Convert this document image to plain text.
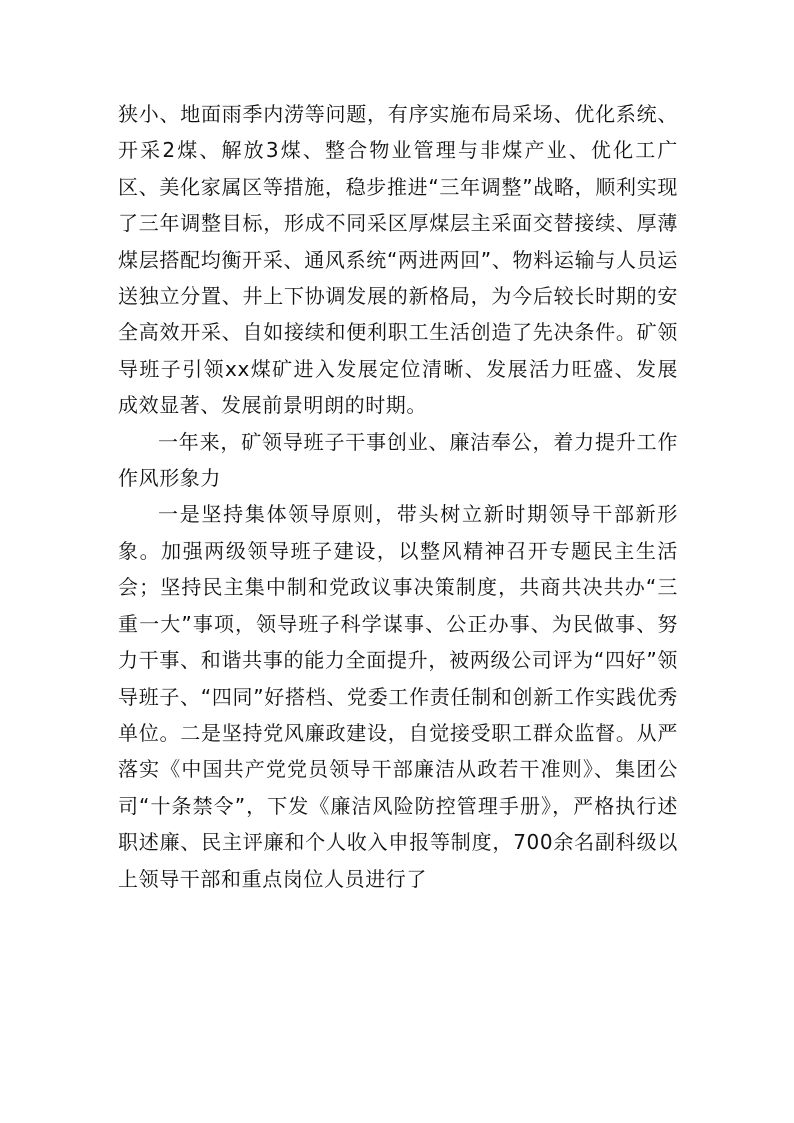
狭小、地面雨季内涝等问题，有序实施布局采场、优化系统、开采2煤、解放3煤、整合物业管理与非煤产业、优化工广区、美化家属区等措施，稳步推进“三年调整”战略，顺利实现了三年调整目标，形成不同采区厚煤层主采面交替接续、厚薄煤层搭配均衡开采、通风系统“两进两回”、物料运输与人员运送独立分置、井上下协调发展的新格局，为今后较长时期的安全高效开采、自如接续和便利职工生活创造了先决条件。矿领导班子引领xx煤矿进入发展定位清晰、发展活力旺盛、发展成效显著、发展前景明朗的时期。

一年来，矿领导班子干事创业、廉洁奉公，着力提升工作作风形象力

一是坚持集体领导原则，带头树立新时期领导干部新形象。加强两级领导班子建设，以整风精神召开专题民主生活会；坚持民主集中制和党政议事决策制度，共商共决共办“三重一大”事项，领导班子科学谋事、公正办事、为民做事、努力干事、和谐共事的能力全面提升，被两级公司评为“四好”领导班子、“四同”好搭档、党委工作责任制和创新工作实践优秀单位。二是坚持党风廉政建设，自觉接受职工群众监督。从严落实《中国共产党党员领导干部廉洁从政若干准则》、集团公司“十条禁令”，下发《廉洁风险防控管理手册》，严格执行述职述廉、民主评廉和个人收入申报等制度，700余名副科级以上领导干部和重点岗位人员进行了
